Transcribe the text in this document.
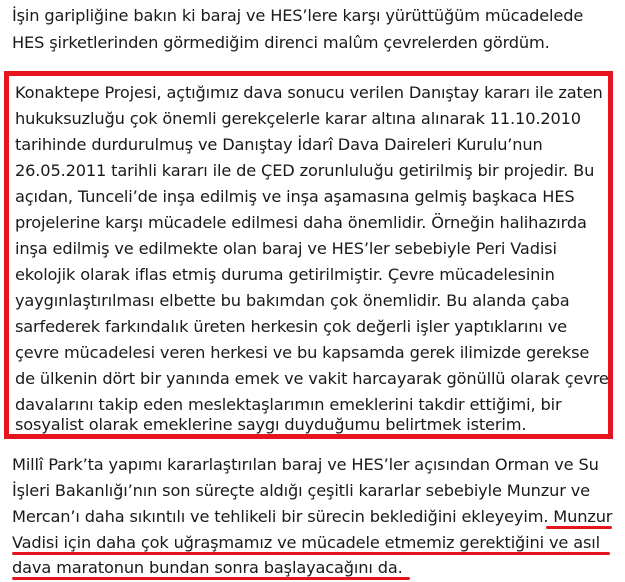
İşin garipliğine bakın ki baraj ve HES’lere karşı yürüttüğüm mücadelede
HES şirketlerinden görmediğim direnci malûm çevrelerden gördüm.
Konaktepe Projesi, açtığımız dava sonucu verilen Danıştay kararı ile zaten
hukuksuzluğu çok önemli gerekçelerle karar altına alınarak 11.10.2010
tarihinde durdurulmuş ve Danıştay İdarî Dava Daireleri Kurulu’nun
26.05.2011 tarihli kararı ile de ÇED zorunluluğu getirilmiş bir projedir. Bu
açıdan, Tunceli’de inşa edilmiş ve inşa aşamasına gelmiş başkaca HES
projelerine karşı mücadele edilmesi daha önemlidir. Örneğin halihazırda
inşa edilmiş ve edilmekte olan baraj ve HES’ler sebebiyle Peri Vadisi
ekolojik olarak iflas etmiş duruma getirilmiştir. Çevre mücadelesinin
yaygınlaştırılması elbette bu bakımdan çok önemlidir. Bu alanda çaba
sarfederek farkındalık üreten herkesin çok değerli işler yaptıklarını ve
çevre mücadelesi veren herkesi ve bu kapsamda gerek ilimizde gerekse
de ülkenin dört bir yanında emek ve vakit harcayarak gönüllü olarak çevre
davalarını takip eden meslektaşlarımın emeklerini takdir ettiğimi, bir
sosyalist olarak emeklerine saygı duyduğumu belirtmek isterim.
Millî Park’ta yapımı kararlaştırılan baraj ve HES’ler açısından Orman ve Su
İşleri Bakanlığı’nın son süreçte aldığı çeşitli kararlar sebebiyle Munzur ve
Mercan’ı daha sıkıntılı ve tehlikeli bir sürecin beklediğini ekleyeyim. Munzur
Vadisi için daha çok uğraşmamız ve mücadele etmemiz gerektiğini ve asıl
dava maratonun bundan sonra başlayacağını da.
